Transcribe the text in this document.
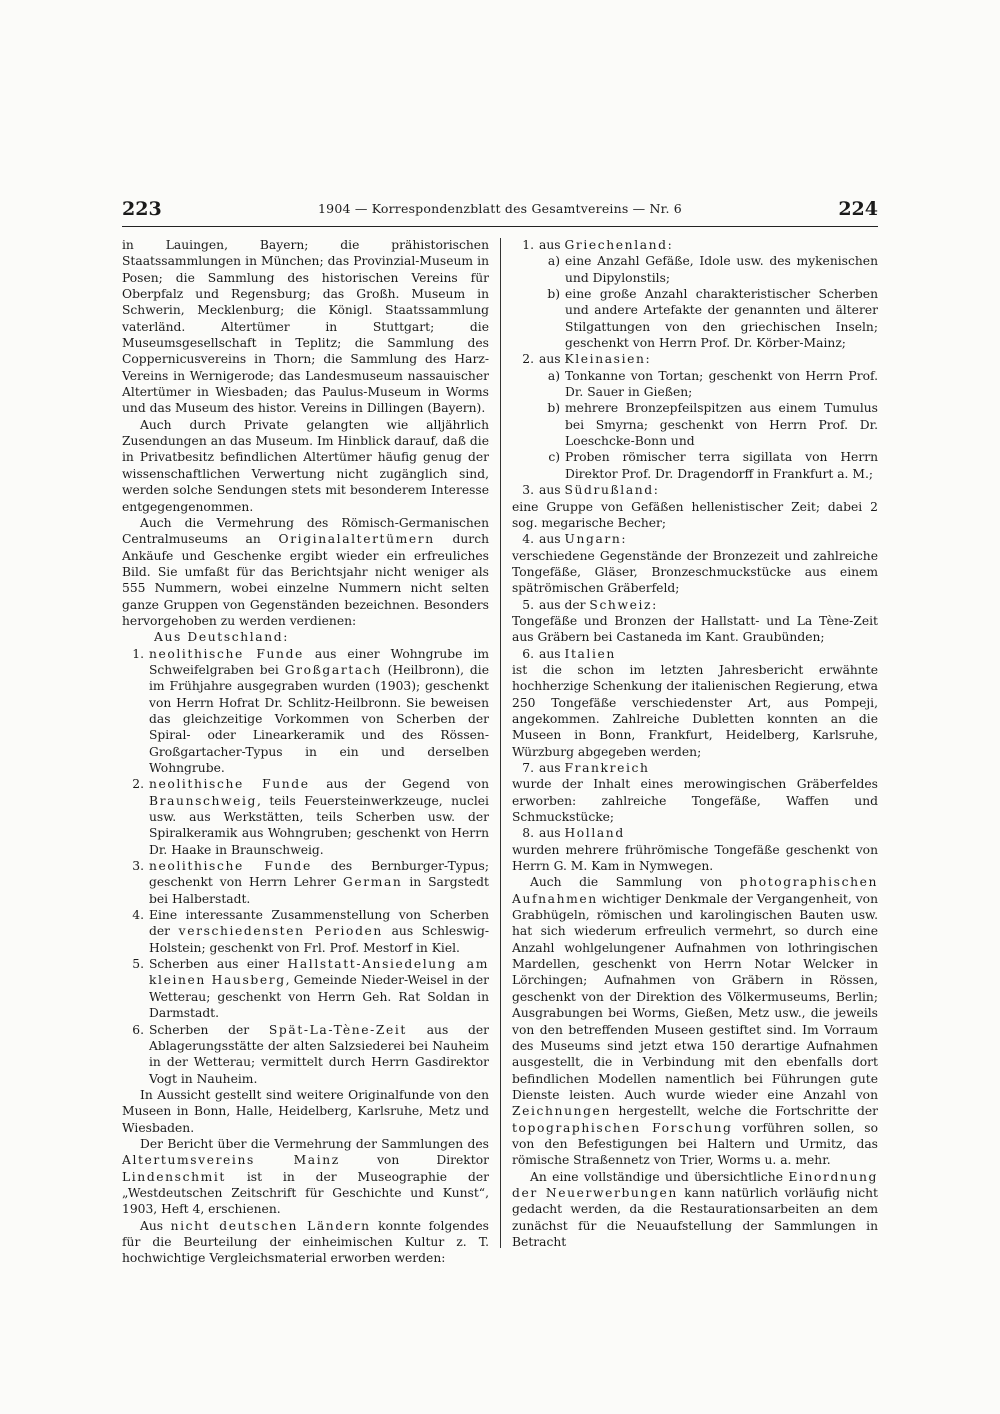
223	1904 — Korrespondenzblatt des Gesamtvereins — Nr. 6	224

in Lauingen, Bayern; die prähistorischen Staatssammlungen in München; das Provinzial-Museum in Posen; die Sammlung des historischen Vereins für Oberpfalz und Regensburg; das Großh. Museum in Schwerin, Mecklenburg; die Königl. Staatssammlung vaterländ. Altertümer in Stuttgart; die Museumsgesellschaft in Teplitz; die Sammlung des Coppernicusvereins in Thorn; die Sammlung des Harz-Vereins in Wernigerode; das Landesmuseum nassauischer Altertümer in Wiesbaden; das Paulus-Museum in Worms und das Museum des histor. Vereins in Dillingen (Bayern).

Auch durch Private gelangten wie alljährlich Zusendungen an das Museum. Im Hinblick darauf, daß die in Privatbesitz befindlichen Altertümer häufig genug der wissenschaftlichen Verwertung nicht zugänglich sind, werden solche Sendungen stets mit besonderem Interesse entgegengenommen.

Auch die Vermehrung des Römisch-Germanischen Centralmuseums an Originalaltertümern durch Ankäufe und Geschenke ergibt wieder ein erfreuliches Bild. Sie umfaßt für das Berichtsjahr nicht weniger als 555 Nummern, wobei einzelne Nummern nicht selten ganze Gruppen von Gegenständen bezeichnen. Besonders hervorgehoben zu werden verdienen:

Aus Deutschland:

1. neolithische Funde aus einer Wohngrube im Schweifelgraben bei Großgartach (Heilbronn), die im Frühjahre ausgegraben wurden (1903); geschenkt von Herrn Hofrat Dr. Schlitz-Heilbronn. Sie beweisen das gleichzeitige Vorkommen von Scherben der Spiral- oder Linearkeramik und des Rössen-Großgartacher-Typus in ein und derselben Wohngrube.
2. neolithische Funde aus der Gegend von Braunschweig, teils Feuersteinwerkzeuge, nuclei usw. aus Werkstätten, teils Scherben usw. der Spiralkeramik aus Wohngruben; geschenkt von Herrn Dr. Haake in Braunschweig.
3. neolithische Funde des Bernburger-Typus; geschenkt von Herrn Lehrer German in Sargstedt bei Halberstadt.
4. Eine interessante Zusammenstellung von Scherben der verschiedensten Perioden aus Schleswig-Holstein; geschenkt von Frl. Prof. Mestorf in Kiel.
5. Scherben aus einer Hallstatt-Ansiedelung am kleinen Hausberg, Gemeinde Nieder-Weisel in der Wetterau; geschenkt von Herrn Geh. Rat Soldan in Darmstadt.
6. Scherben der Spät-La-Tène-Zeit aus der Ablagerungsstätte der alten Salzsiederei bei Nauheim in der Wetterau; vermittelt durch Herrn Gasdirektor Vogt in Nauheim.

In Aussicht gestellt sind weitere Originalfunde von den Museen in Bonn, Halle, Heidelberg, Karlsruhe, Metz und Wiesbaden.

Der Bericht über die Vermehrung der Sammlungen des Altertumsvereins Mainz von Direktor Lindenschmit ist in der Museographie der „Westdeutschen Zeitschrift für Geschichte und Kunst“, 1903, Heft 4, erschienen.

Aus nicht deutschen Ländern konnte folgendes für die Beurteilung der einheimischen Kultur z. T. hochwichtige Vergleichsmaterial erworben werden:

1. aus Griechenland:
a) eine Anzahl Gefäße, Idole usw. des mykenischen und Dipylonstils;
b) eine große Anzahl charakteristischer Scherben und andere Artefakte der genannten und älterer Stilgattungen von den griechischen Inseln; geschenkt von Herrn Prof. Dr. Körber-Mainz;
2. aus Kleinasien:
a) Tonkanne von Tortan; geschenkt von Herrn Prof. Dr. Sauer in Gießen;
b) mehrere Bronzepfeilspitzen aus einem Tumulus bei Smyrna; geschenkt von Herrn Prof. Dr. Loeschcke-Bonn und
c) Proben römischer terra sigillata von Herrn Direktor Prof. Dr. Dragendorff in Frankfurt a. M.;
3. aus Südrußland:

eine Gruppe von Gefäßen hellenistischer Zeit; dabei 2 sog. megarische Becher;

4. aus Ungarn:

verschiedene Gegenstände der Bronzezeit und zahlreiche Tongefäße, Gläser, Bronzeschmuckstücke aus einem spätrömischen Gräberfeld;

5. aus der Schweiz:

Tongefäße und Bronzen der Hallstatt- und La Tène-Zeit aus Gräbern bei Castaneda im Kant. Graubünden;

6. aus Italien

ist die schon im letzten Jahresbericht erwähnte hochherzige Schenkung der italienischen Regierung, etwa 250 Tongefäße verschiedenster Art, aus Pompeji, angekommen. Zahlreiche Dubletten konnten an die Museen in Bonn, Frankfurt, Heidelberg, Karlsruhe, Würzburg abgegeben werden;

7. aus Frankreich

wurde der Inhalt eines merowingischen Gräberfeldes erworben: zahlreiche Tongefäße, Waffen und Schmuckstücke;

8. aus Holland

wurden mehrere frührömische Tongefäße geschenkt von Herrn G. M. Kam in Nymwegen.

Auch die Sammlung von photographischen Aufnahmen wichtiger Denkmale der Vergangenheit, von Grabhügeln, römischen und karolingischen Bauten usw. hat sich wiederum erfreulich vermehrt, so durch eine Anzahl wohlgelungener Aufnahmen von lothringischen Mardellen, geschenkt von Herrn Notar Welcker in Lörchingen; Aufnahmen von Gräbern in Rössen, geschenkt von der Direktion des Völkermuseums, Berlin; Ausgrabungen bei Worms, Gießen, Metz usw., die jeweils von den betreffenden Museen gestiftet sind. Im Vorraum des Museums sind jetzt etwa 150 derartige Aufnahmen ausgestellt, die in Verbindung mit den ebenfalls dort befindlichen Modellen namentlich bei Führungen gute Dienste leisten. Auch wurde wieder eine Anzahl von Zeichnungen hergestellt, welche die Fortschritte der topographischen Forschung vorführen sollen, so von den Befestigungen bei Haltern und Urmitz, das römische Straßennetz von Trier, Worms u. a. mehr.

An eine vollständige und übersichtliche Einordnung der Neuerwerbungen kann natürlich vorläufig nicht gedacht werden, da die Restaurationsarbeiten an dem zunächst für die Neuaufstellung der Sammlungen in Betracht
